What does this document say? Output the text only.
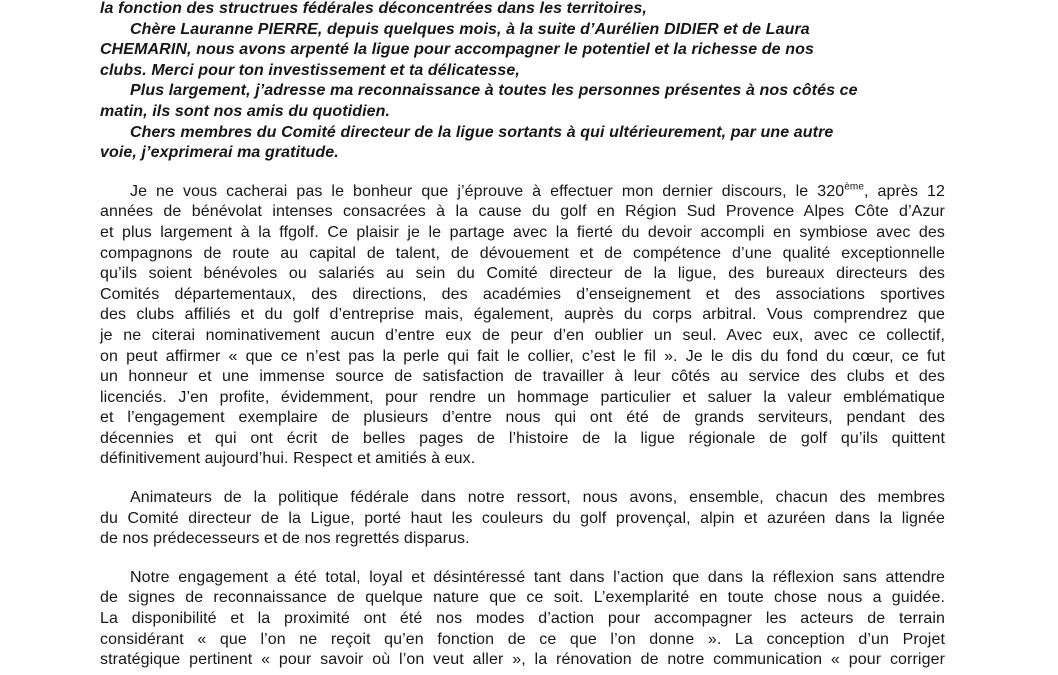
la fonction des structrues fédérales déconcentrées dans les territoires,
Chère Lauranne PIERRE, depuis quelques mois, à la suite d’Aurélien DIDIER et de Laura
CHEMARIN, nous avons arpenté la ligue pour accompagner le potentiel et la richesse de nos
clubs. Merci pour ton investissement et ta délicatesse,
Plus largement, j’adresse ma reconnaissance à toutes les personnes présentes à nos côtés ce
matin, ils sont nos amis du quotidien.
Chers membres du Comité directeur de la ligue sortants à qui ultérieurement, par une autre
voie, j’exprimerai ma gratitude.
Je ne vous cacherai pas le bonheur que j’éprouve à effectuer mon dernier discours, le 320ème, après 12
années de bénévolat intenses consacrées à la cause du golf en Région Sud Provence Alpes Côte d’Azur
et plus largement à la ffgolf. Ce plaisir je le partage avec la fierté du devoir accompli en symbiose avec des
compagnons de route au capital de talent, de dévouement et de compétence d’une qualité exceptionnelle
qu’ils soient bénévoles ou salariés au sein du Comité directeur de la ligue, des bureaux directeurs des
Comités départementaux, des directions, des académies d’enseignement et des associations sportives
des clubs affiliés et du golf d’entreprise mais, également, auprès du corps arbitral. Vous comprendrez que
je ne citerai nominativement aucun d’entre eux de peur d’en oublier un seul. Avec eux, avec ce collectif,
on peut affirmer « que ce n’est pas la perle qui fait le collier, c’est le fil ». Je le dis du fond du cœur, ce fut
un honneur et une immense source de satisfaction de travailler à leur côtés au service des clubs et des
licenciés. J’en profite, évidemment, pour rendre un hommage particulier et saluer la valeur emblématique
et l’engagement exemplaire de plusieurs d’entre nous qui ont été de grands serviteurs, pendant des
décennies et qui ont écrit de belles pages de l’histoire de la ligue régionale de golf qu’ils quittent
définitivement aujourd’hui. Respect et amitiés à eux.
Animateurs de la politique fédérale dans notre ressort, nous avons, ensemble, chacun des membres
du Comité directeur de la Ligue, porté haut les couleurs du golf provençal, alpin et azuréen dans la lignée
de nos prédecesseurs et de nos regrettés disparus.
Notre engagement a été total, loyal et désintéressé tant dans l’action que dans la réflexion sans attendre
de signes de reconnaissance de quelque nature que ce soit. L’exemplarité en toute chose nous a guidée.
La disponibilité et la proximité ont été nos modes d’action pour accompagner les acteurs de terrain
considérant « que l’on ne reçoit qu’en fonction de ce que l’on donne ». La conception d’un Projet
stratégique pertinent « pour savoir où l’on veut aller », la rénovation de notre communication « pour corriger
